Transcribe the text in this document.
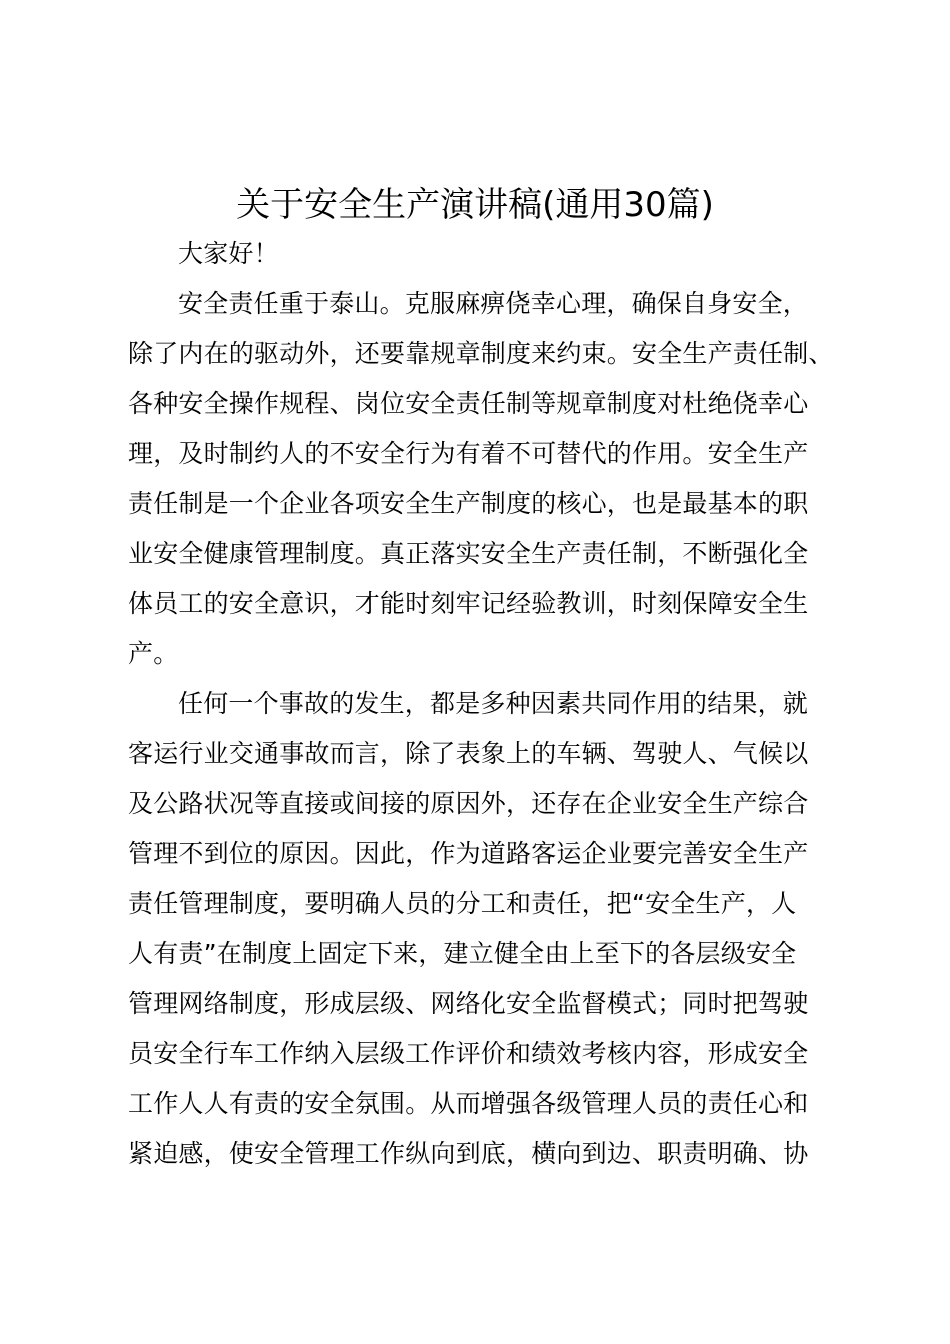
关于安全生产演讲稿(通用30篇)

大家好！

安全责任重于泰山。克服麻痹侥幸心理，确保自身安全，

除了内在的驱动外，还要靠规章制度来约束。安全生产责任制、

各种安全操作规程、岗位安全责任制等规章制度对杜绝侥幸心

理，及时制约人的不安全行为有着不可替代的作用。安全生产

责任制是一个企业各项安全生产制度的核心，也是最基本的职

业安全健康管理制度。真正落实安全生产责任制，不断强化全

体员工的安全意识，才能时刻牢记经验教训，时刻保障安全生

产。

任何一个事故的发生，都是多种因素共同作用的结果，就

客运行业交通事故而言，除了表象上的车辆、驾驶人、气候以

及公路状况等直接或间接的原因外，还存在企业安全生产综合

管理不到位的原因。因此，作为道路客运企业要完善安全生产

责任管理制度，要明确人员的分工和责任，把“安全生产，人

人有责”在制度上固定下来，建立健全由上至下的各层级安全

管理网络制度，形成层级、网络化安全监督模式；同时把驾驶

员安全行车工作纳入层级工作评价和绩效考核内容，形成安全

工作人人有责的安全氛围。从而增强各级管理人员的责任心和

紧迫感，使安全管理工作纵向到底，横向到边、职责明确、协
